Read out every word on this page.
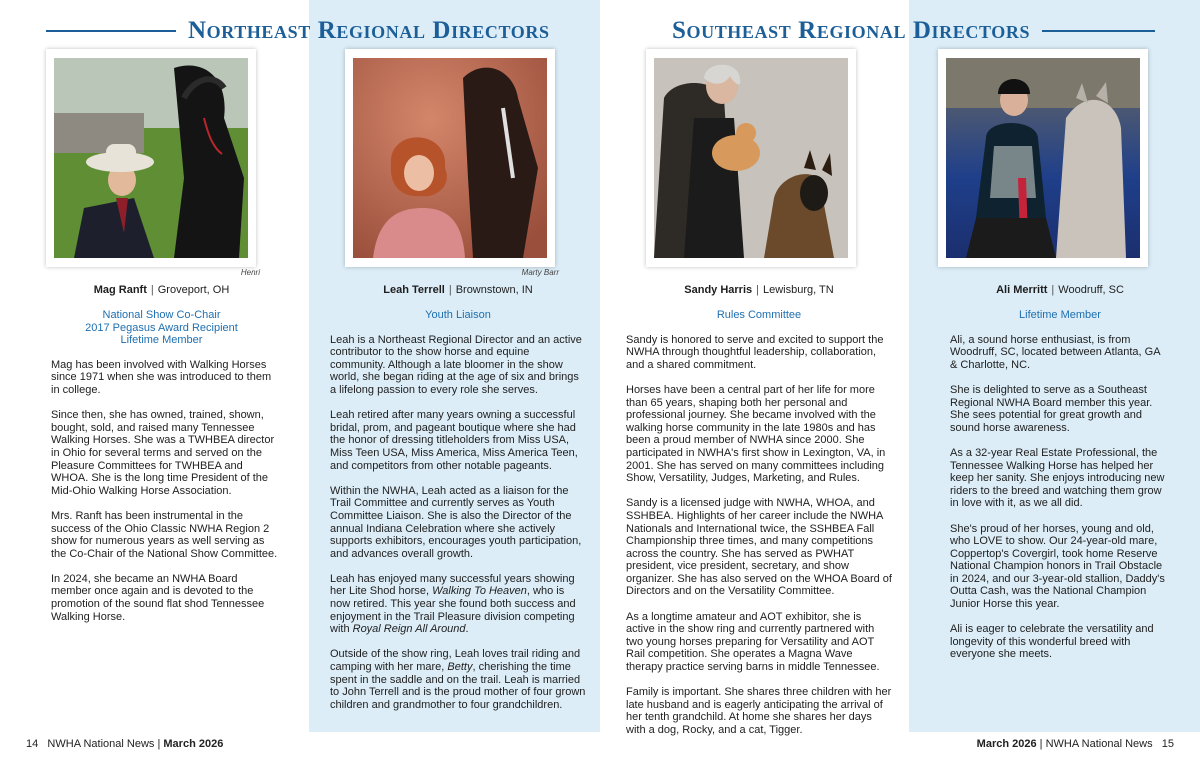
Northeast Regional Directors	Southeast Regional Directors
Henri	Marty Barr
Mag Ranft | Groveport, OH
National Show Co-Chair
2017 Pegasus Award Recipient
Lifetime Member

Mag has been involved with Walking Horses since 1971 when she was introduced to them in college.

Since then, she has owned, trained, shown, bought, sold, and raised many Tennessee Walking Horses. She was a TWHBEA director in Ohio for several terms and served on the Pleasure Committees for TWHBEA and WHOA. She is the long time President of the Mid-Ohio Walking Horse Association.

Mrs. Ranft has been instrumental in the success of the Ohio Classic NWHA Region 2 show for numerous years as well serving as the Co-Chair of the National Show Committee.

In 2024, she became an NWHA Board member once again and is devoted to the promotion of the sound flat shod Tennessee Walking Horse.

Leah Terrell | Brownstown, IN
Youth Liaison

Leah is a Northeast Regional Director and an active contributor to the show horse and equine community. Although a late bloomer in the show world, she began riding at the age of six and brings a lifelong passion to every role she serves.

Leah retired after many years owning a successful bridal, prom, and pageant boutique where she had the honor of dressing titleholders from Miss USA, Miss Teen USA, Miss America, Miss America Teen, and competitors from other notable pageants.

Within the NWHA, Leah acted as a liaison for the Trail Committee and currently serves as Youth Committee Liaison. She is also the Director of the annual Indiana Celebration where she actively supports exhibitors, encourages youth participation, and advances overall growth.

Leah has enjoyed many successful years showing her Lite Shod horse, Walking To Heaven, who is now retired. This year she found both success and enjoyment in the Trail Pleasure division competing with Royal Reign All Around.

Outside of the show ring, Leah loves trail riding and camping with her mare, Betty, cherishing the time spent in the saddle and on the trail. Leah is married to John Terrell and is the proud mother of four grown children and grandmother to four grandchildren.

Sandy Harris | Lewisburg, TN
Rules Committee

Sandy is honored to serve and excited to support the NWHA through thoughtful leadership, collaboration, and a shared commitment.

Horses have been a central part of her life for more than 65 years, shaping both her personal and professional journey. She became involved with the walking horse community in the late 1980s and has been a proud member of NWHA since 2000. She participated in NWHA's first show in Lexington, VA, in 2001. She has served on many committees including Show, Versatility, Judges, Marketing, and Rules.

Sandy is a licensed judge with NWHA, WHOA, and SSHBEA. Highlights of her career include the NWHA Nationals and International twice, the SSHBEA Fall Championship three times, and many competitions across the country. She has served as PWHAT president, vice president, secretary, and show organizer. She has also served on the WHOA Board of Directors and on the Versatility Committee.

As a longtime amateur and AOT exhibitor, she is active in the show ring and currently partnered with two young horses preparing for Versatility and AOT Rail competition. She operates a Magna Wave therapy practice serving barns in middle Tennessee.

Family is important. She shares three children with her late husband and is eagerly anticipating the arrival of her tenth grandchild. At home she shares her days with a dog, Rocky, and a cat, Tigger.

Ali Merritt | Woodruff, SC
Lifetime Member

Ali, a sound horse enthusiast, is from Woodruff, SC, located between Atlanta, GA & Charlotte, NC.

She is delighted to serve as a Southeast Regional NWHA Board member this year. She sees potential for great growth and sound horse awareness.

As a 32-year Real Estate Professional, the Tennessee Walking Horse has helped her keep her sanity. She enjoys introducing new riders to the breed and watching them grow in love with it, as we all did.

She's proud of her horses, young and old, who LOVE to show. Our 24-year-old mare, Coppertop's Covergirl, took home Reserve National Champion honors in Trail Obstacle in 2024, and our 3-year-old stallion, Daddy's Outta Cash, was the National Champion Junior Horse this year.

Ali is eager to celebrate the versatility and longevity of this wonderful breed with everyone she meets.

14 NWHA National News | March 2026	March 2026 | NWHA National News 15
